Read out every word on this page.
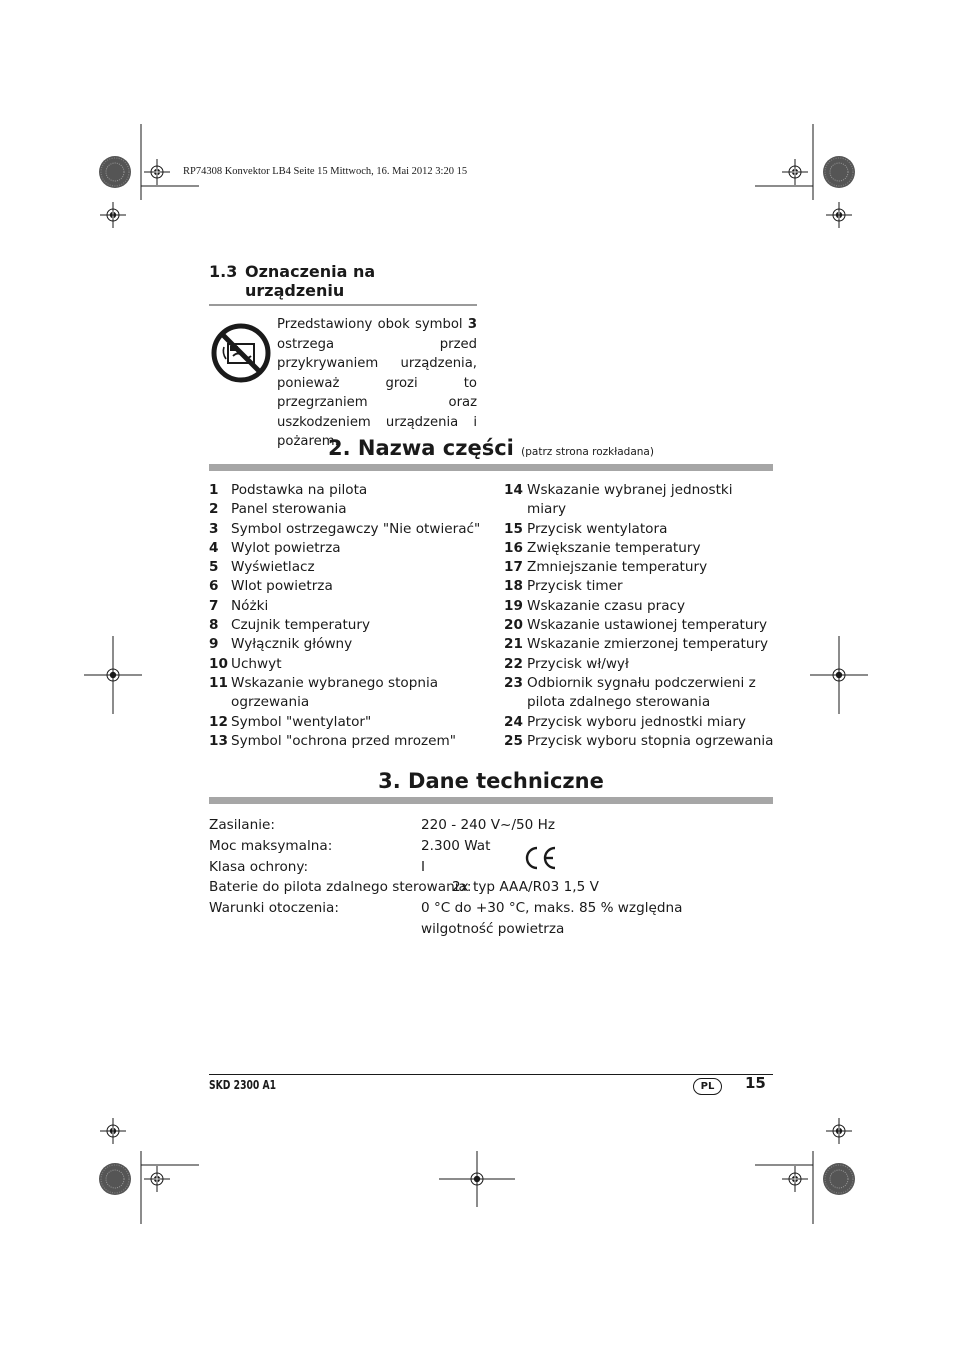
RP74308 Konvektor LB4 Seite 15 Mittwoch, 16. Mai 2012 3:20 15
1.3 Oznaczenia na urządzeniu
Przedstawiony obok symbol 3 ostrzega przed przykrywaniem urządzenia, ponieważ grozi to przegrzaniem oraz uszkodzeniem urządzenia i pożarem.
2. Nazwa części (patrz strona rozkładana)
1 Podstawka na pilota
2 Panel sterowania
3 Symbol ostrzegawczy "Nie otwierać"
4 Wylot powietrza
5 Wyświetlacz
6 Wlot powietrza
7 Nóżki
8 Czujnik temperatury
9 Wyłącznik główny
10 Uchwyt
11 Wskazanie wybranego stopnia ogrzewania
12 Symbol "wentylator"
13 Symbol "ochrona przed mrozem"
14 Wskazanie wybranej jednostki miary
15 Przycisk wentylatora
16 Zwiększanie temperatury
17 Zmniejszanie temperatury
18 Przycisk timer
19 Wskazanie czasu pracy
20 Wskazanie ustawionej temperatury
21 Wskazanie zmierzonej temperatury
22 Przycisk wł/wył
23 Odbiornik sygnału podczerwieni z pilota zdalnego sterowania
24 Przycisk wyboru jednostki miary
25 Przycisk wyboru stopnia ogrzewania
3. Dane techniczne
Zasilanie:	220 - 240 V~/50 Hz
Moc maksymalna:	2.300 Wat
Klasa ochrony:	I
Baterie do pilota zdalnego sterowania:
2x typ AAA/R03 1,5 V
Warunki otoczenia:	0 °C do +30 °C, maks. 85 % względna
wilgotność powietrza
SKD 2300 A1	PL	15
